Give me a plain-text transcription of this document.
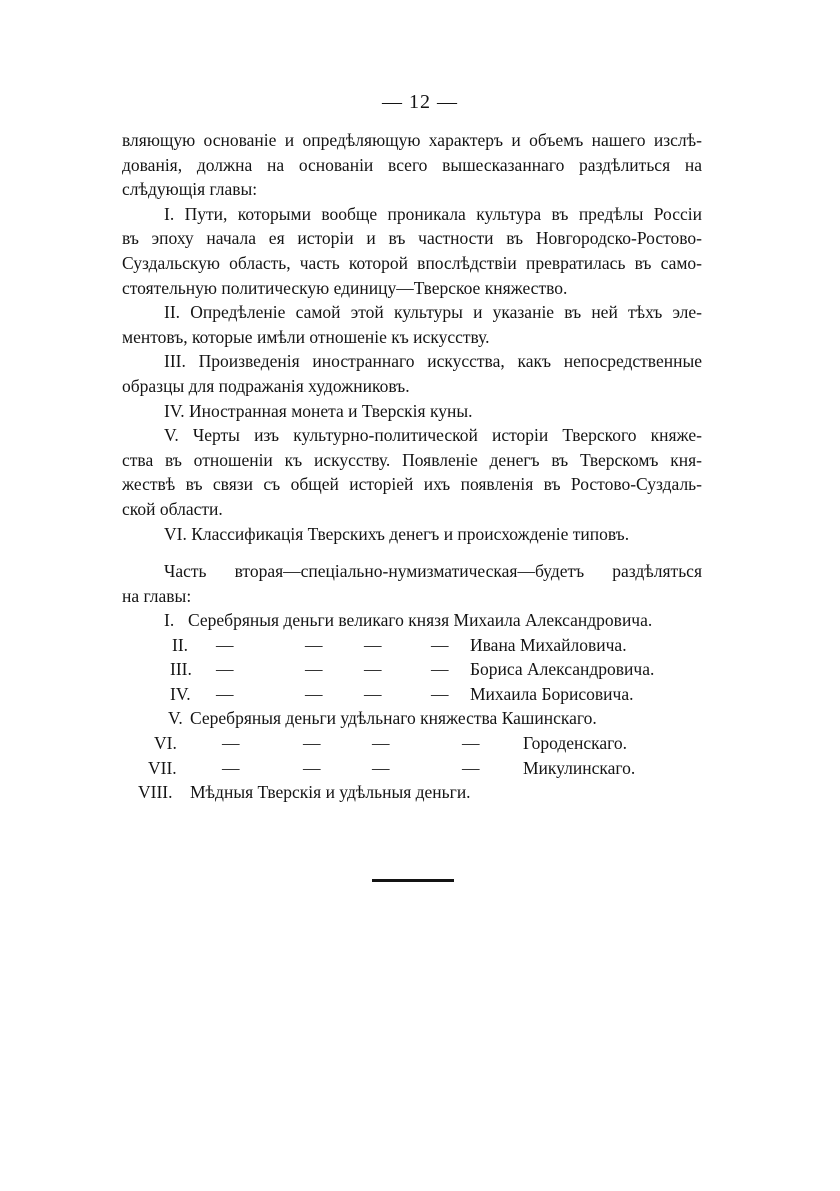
— 12 —
вляющую основаніе и опредѣляющую характеръ и объемъ нашего изслѣ-
дованія, должна на основаніи всего вышесказаннаго раздѣлиться на
слѣдующія главы:
I. Пути, которыми вообще проникала культура въ предѣлы Россіи
въ эпоху начала ея исторіи и въ частности въ Новгородско-Ростово-
Суздальскую область, часть которой впослѣдствіи превратилась въ само-
стоятельную политическую единицу—Тверское княжество.
II. Опредѣленіе самой этой культуры и указаніе въ ней тѣхъ эле-
ментовъ, которые имѣли отношеніе къ искусству.
III. Произведенія иностраннаго искусства, какъ непосредственные
образцы для подражанія художниковъ.
IV. Иностранная монета и Тверскія куны.
V. Черты изъ культурно-политической исторіи Тверского княже-
ства въ отношеніи къ искусству. Появленіе денегъ въ Тверскомъ кня-
жествѣ въ связи съ общей исторіей ихъ появленія въ Ростово-Суздаль-
ской области.
VI. Классификація Тверскихъ денегъ и происхожденіе типовъ.
Часть вторая—спеціально-нумизматическая—будетъ раздѣляться
на главы:
I. Серебряныя деньги великаго князя Михаила Александровича.
II. —	— —	— Ивана Михайловича.
III. —	— —	— Бориса Александровича.
IV. —	— —	— Михаила Борисовича.
V. Серебряныя деньги удѣльнаго княжества Кашинскаго.
VI.	—	—	—	— Городенскаго.
VII.	—	—	—	— Микулинскаго.
VIII. Мѣдныя Тверскія и удѣльныя деньги.
